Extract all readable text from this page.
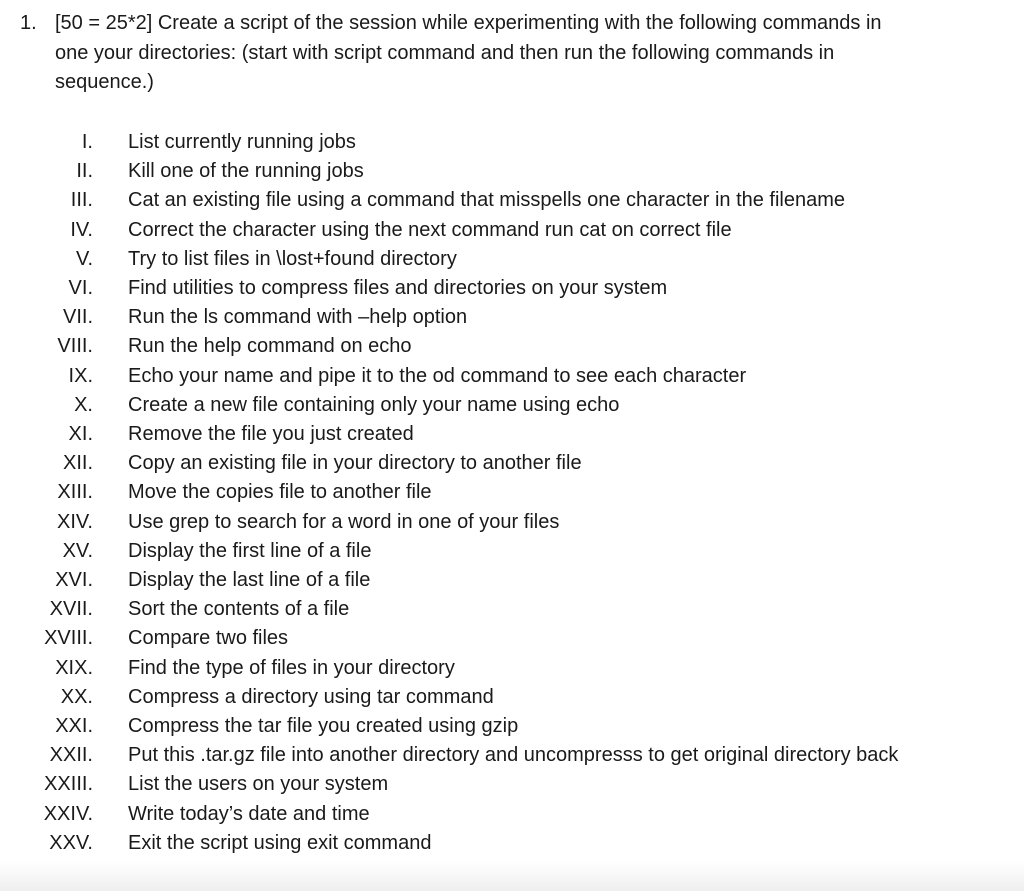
1. [50 = 25*2] Create a script of the session while experimenting with the following commands in one your directories: (start with script command and then run the following commands in sequence.)
I. List currently running jobs
II. Kill one of the running jobs
III. Cat an existing file using a command that misspells one character in the filename
IV. Correct the character using the next command run cat on correct file
V. Try to list files in \lost+found directory
VI. Find utilities to compress files and directories on your system
VII. Run the ls command with –help option
VIII. Run the help command on echo
IX. Echo your name and pipe it to the od command to see each character
X. Create a new file containing only your name using echo
XI. Remove the file you just created
XII. Copy an existing file in your directory to another file
XIII. Move the copies file to another file
XIV. Use grep to search for a word in one of your files
XV. Display the first line of a file
XVI. Display the last line of a file
XVII. Sort the contents of a file
XVIII. Compare two files
XIX. Find the type of files in your directory
XX. Compress a directory using tar command
XXI. Compress the tar file you created using gzip
XXII. Put this .tar.gz file into another directory and uncompresss to get original directory back
XXIII. List the users on your system
XXIV. Write today’s date and time
XXV. Exit the script using exit command
